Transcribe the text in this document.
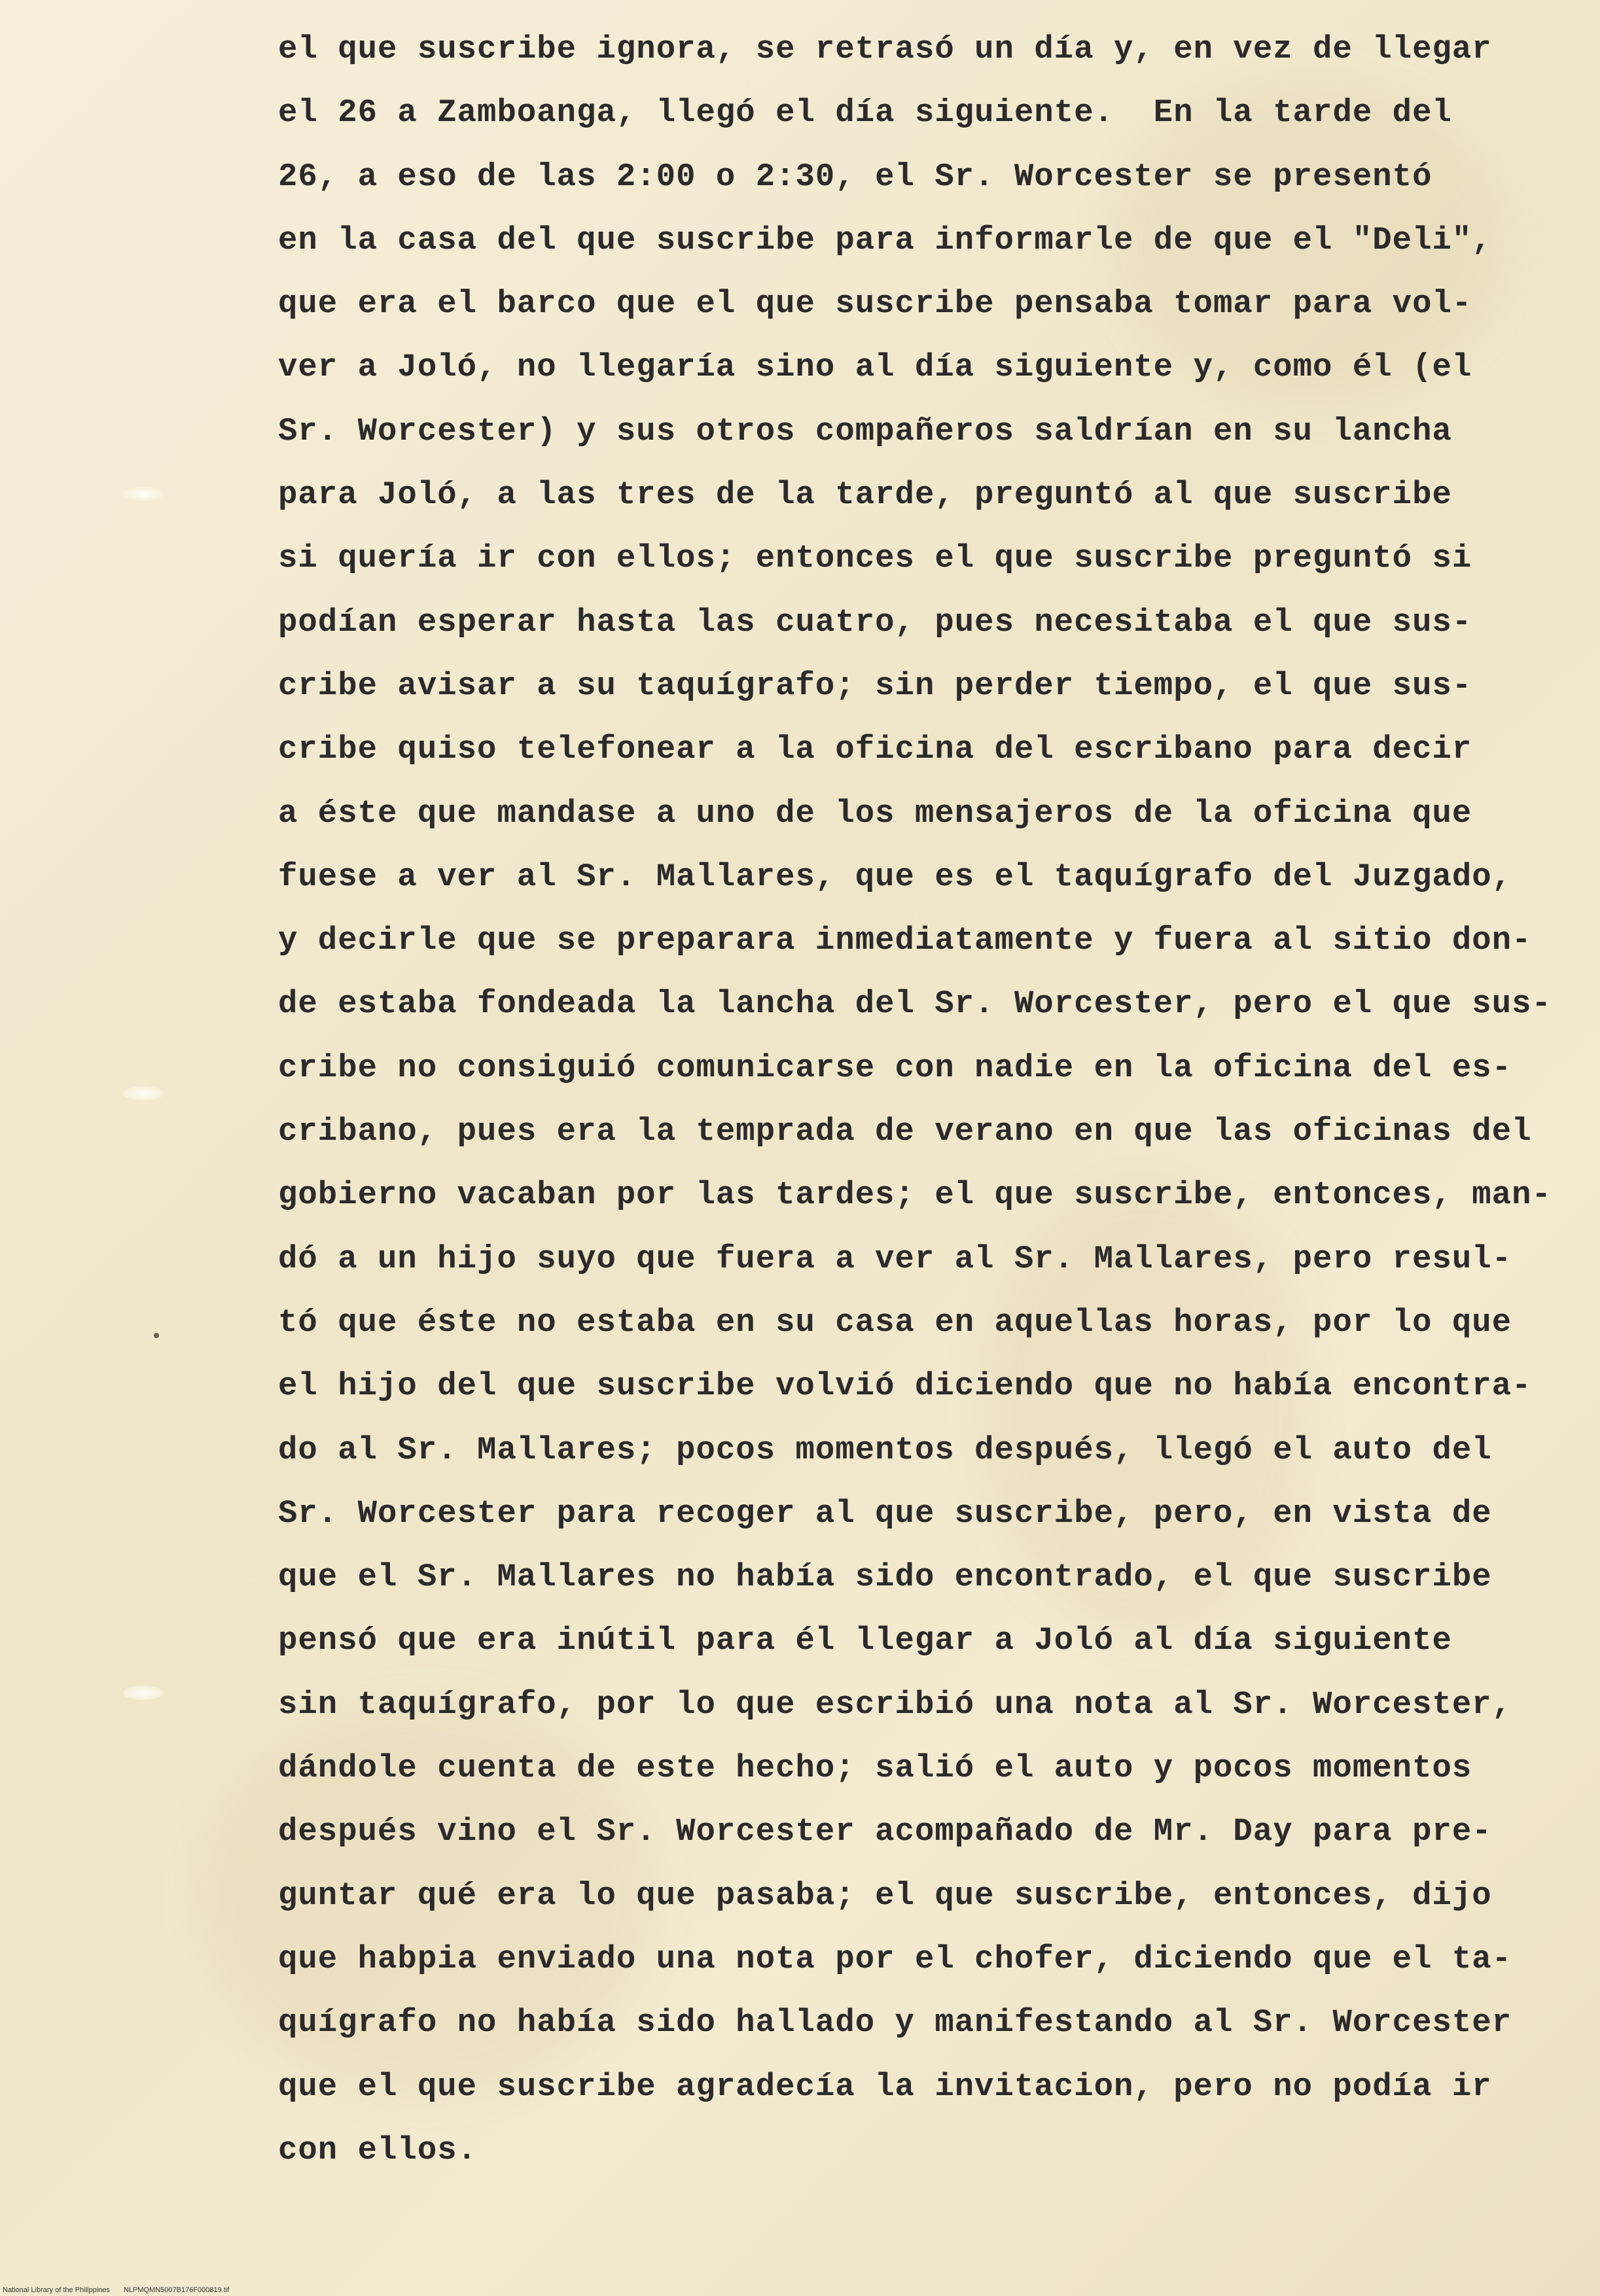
el que suscribe ignora, se retrasó un día y, en vez de llegar
el 26 a Zamboanga, llegó el día siguiente.  En la tarde del
26, a eso de las 2:00 o 2:30, el Sr. Worcester se presentó
en la casa del que suscribe para informarle de que el "Deli",
que era el barco que el que suscribe pensaba tomar para vol-
ver a Joló, no llegaría sino al día siguiente y, como él (el
Sr. Worcester) y sus otros compañeros saldrían en su lancha
para Joló, a las tres de la tarde, preguntó al que suscribe
si quería ir con ellos; entonces el que suscribe preguntó si
podían esperar hasta las cuatro, pues necesitaba el que sus-
cribe avisar a su taquígrafo; sin perder tiempo, el que sus-
cribe quiso telefonear a la oficina del escribano para decir
a éste que mandase a uno de los mensajeros de la oficina que
fuese a ver al Sr. Mallares, que es el taquígrafo del Juzgado,
y decirle que se preparara inmediatamente y fuera al sitio don-
de estaba fondeada la lancha del Sr. Worcester, pero el que sus-
cribe no consiguió comunicarse con nadie en la oficina del es-
cribano, pues era la temprada de verano en que las oficinas del
gobierno vacaban por las tardes; el que suscribe, entonces, man-
dó a un hijo suyo que fuera a ver al Sr. Mallares, pero resul-
tó que éste no estaba en su casa en aquellas horas, por lo que
el hijo del que suscribe volvió diciendo que no había encontra-
do al Sr. Mallares; pocos momentos después, llegó el auto del
Sr. Worcester para recoger al que suscribe, pero, en vista de
que el Sr. Mallares no había sido encontrado, el que suscribe
pensó que era inútil para él llegar a Joló al día siguiente
sin taquígrafo, por lo que escribió una nota al Sr. Worcester,
dándole cuenta de este hecho; salió el auto y pocos momentos
después vino el Sr. Worcester acompañado de Mr. Day para pre-
guntar qué era lo que pasaba; el que suscribe, entonces, dijo
que habpia enviado una nota por el chofer, diciendo que el ta-
quígrafo no había sido hallado y manifestando al Sr. Worcester
que el que suscribe agradecía la invitacion, pero no podía ir
con ellos.
National Library of the Philippines NLPMQMN5007B176F000819.tif
